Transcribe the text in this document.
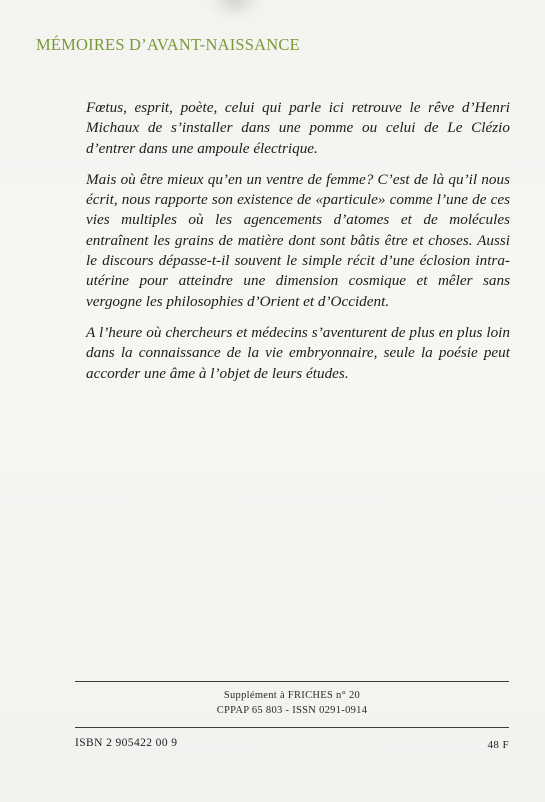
MÉMOIRES D’AVANT-NAISSANCE

Fœtus, esprit, poète, celui qui parle ici retrouve le rêve d’Henri Michaux de s’installer dans une pomme ou celui de Le Clézio d’entrer dans une ampoule électrique.

Mais où être mieux qu’en un ventre de femme? C’est de là qu’il nous écrit, nous rapporte son existence de «particule» comme l’une de ces vies multiples où les agencements d’atomes et de molécules entraînent les grains de matière dont sont bâtis être et choses. Aussi le discours dépasse-t-il souvent le simple récit d’une éclosion intra-utérine pour atteindre une dimension cosmique et mêler sans vergogne les philosophies d’Orient et d’Occident.

A l’heure où chercheurs et médecins s’aventurent de plus en plus loin dans la connaissance de la vie embryonnaire, seule la poésie peut accorder une âme à l’objet de leurs études.

Supplément à FRICHES n° 20
CPPAP 65 803 - ISSN 0291-0914
ISBN 2 905422 00 9	48 F
